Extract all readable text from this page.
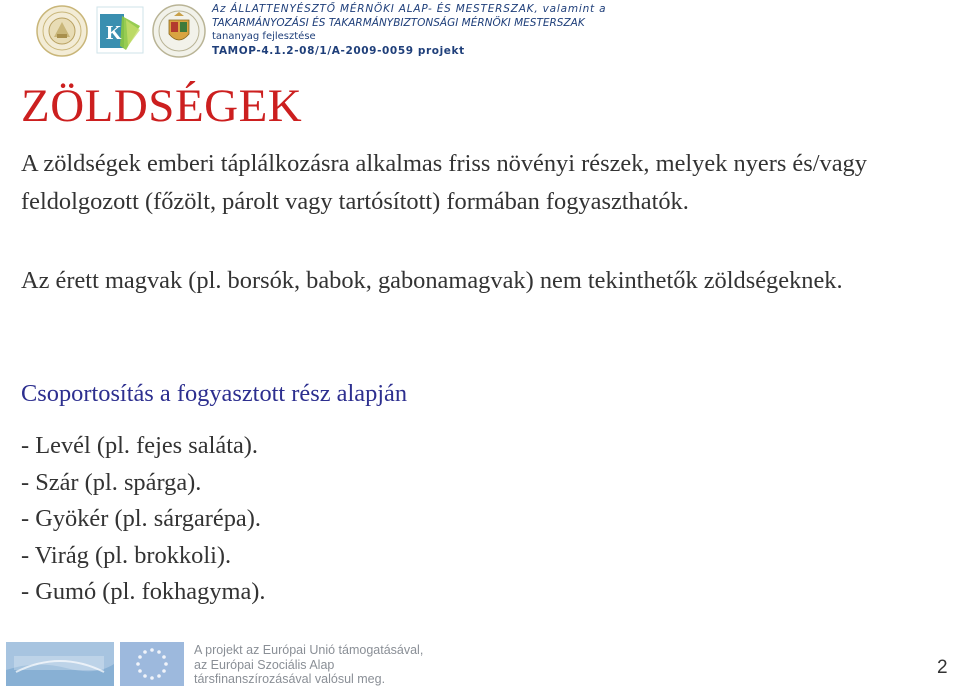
K
Az ÁLLATTENYÉSZTŐ MÉRNÖKI ALAP- ÉS MESTERSZAK, valamint a
TAKARMÁNYOZÁSI ÉS TAKARMÁNYBIZTONSÁGI MÉRNÖKI MESTERSZAK
tananyag fejlesztése
TAMOP-4.1.2-08/1/A-2009-0059 projekt
ZÖLDSÉGEK

A zöldségek emberi táplálkozásra alkalmas friss növényi részek, melyek nyers és/vagy feldolgozott (főzölt, párolt vagy tartósított) formában fogyaszthatók.

Az érett magvak (pl. borsók, babok, gabonamagvak) nem tekinthetők zöldségeknek.

Csoportosítás a fogyasztott rész alapján
- Levél (pl. fejes saláta).
- Szár (pl. spárga).
- Gyökér (pl. sárgarépa).
- Virág (pl. brokkoli).
- Gumó (pl. fokhagyma).
A projekt az Európai Unió támogatásával,
az Európai Szociális Alap
társfinanszírozásával valósul meg.
2
